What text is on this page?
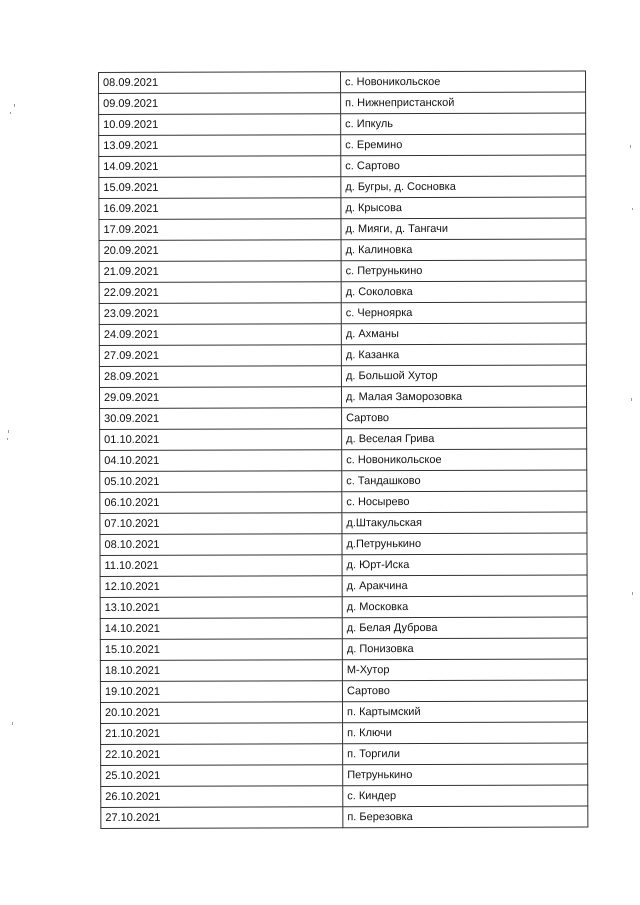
08.09.2021	с. Новоникольское
09.09.2021	п. Нижнепристанской
10.09.2021	с. Ипкуль
13.09.2021	с. Еремино
14.09.2021	с. Сартово
15.09.2021	д. Бугры, д. Сосновка
16.09.2021	д. Крысова
17.09.2021	д. Мияги, д. Тангачи
20.09.2021	д. Калиновка
21.09.2021	с. Петрунькино
22.09.2021	д. Соколовка
23.09.2021	с. Черноярка
24.09.2021	д. Ахманы
27.09.2021	д. Казанка
28.09.2021	д. Большой Хутор
29.09.2021	д. Малая Заморозовка
30.09.2021	Сартово
01.10.2021	д. Веселая Грива
04.10.2021	с. Новоникольское
05.10.2021	с. Тандашково
06.10.2021	с. Носырево
07.10.2021	д.Штакульская
08.10.2021	д.Петрунькино
11.10.2021	д. Юрт-Иска
12.10.2021	д. Аракчина
13.10.2021	д. Московка
14.10.2021	д. Белая Дуброва
15.10.2021	д. Понизовка
18.10.2021	М-Хутор
19.10.2021	Сартово
20.10.2021	п. Картымский
21.10.2021	п. Ключи
22.10.2021	п. Торгили
25.10.2021	Петрунькино
26.10.2021	с. Киндер
27.10.2021	п. Березовка
